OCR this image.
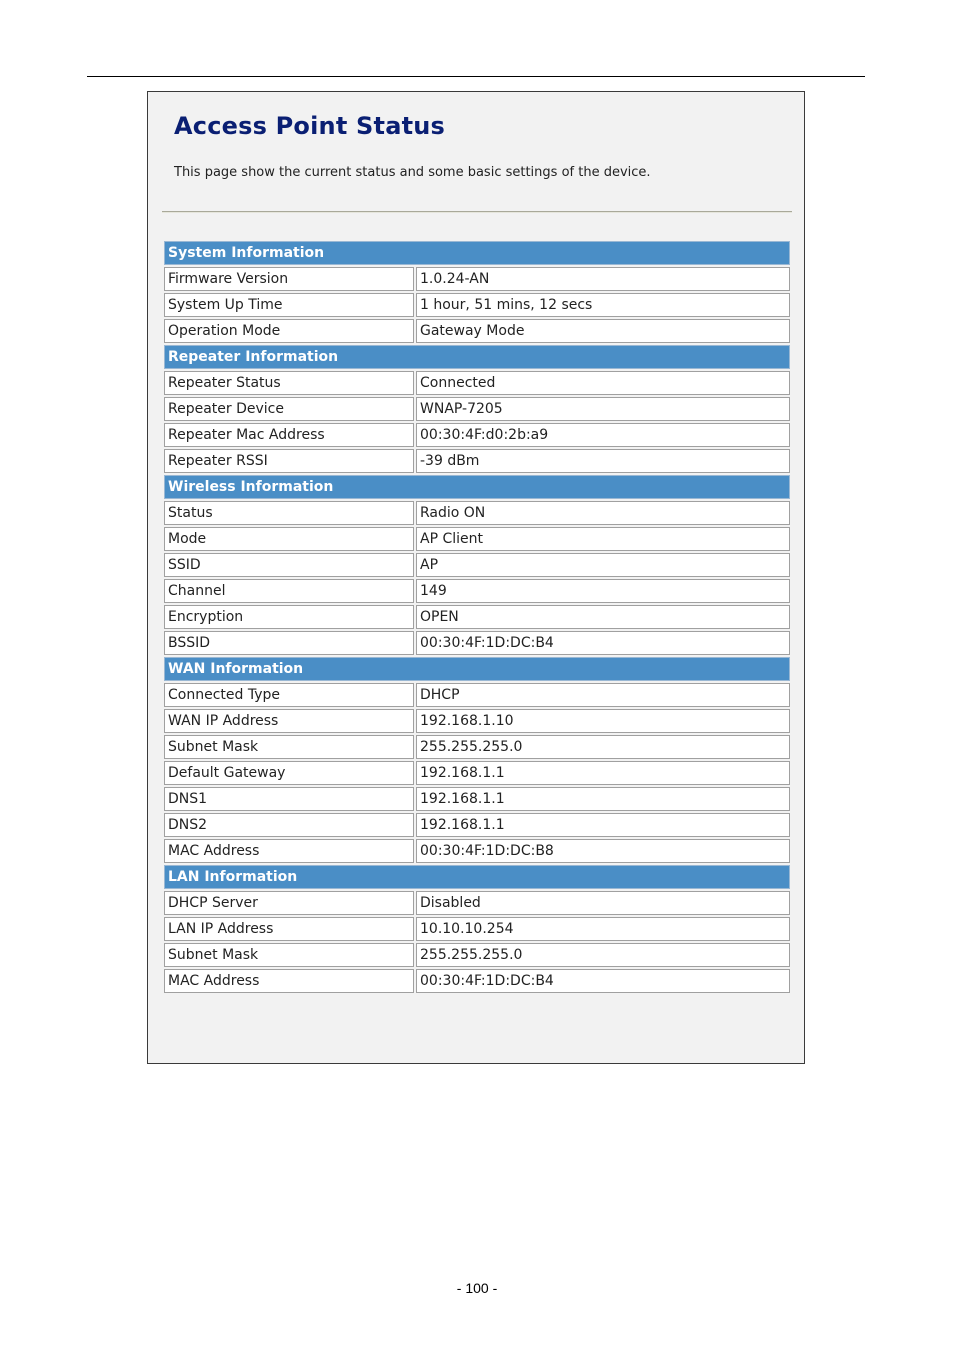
Access Point Status
This page show the current status and some basic settings of the device.
System Information	
Firmware Version	1.0.24-AN
System Up Time	1 hour, 51 mins, 12 secs
Operation Mode	Gateway Mode
Repeater Information	
Repeater Status	Connected
Repeater Device	WNAP-7205
Repeater Mac Address	00:30:4F:d0:2b:a9
Repeater RSSI	-39 dBm
Wireless Information	
Status	Radio ON
Mode	AP Client
SSID	AP
Channel	149
Encryption	OPEN
BSSID	00:30:4F:1D:DC:B4
WAN Information	
Connected Type	DHCP
WAN IP Address	192.168.1.10
Subnet Mask	255.255.255.0
Default Gateway	192.168.1.1
DNS1	192.168.1.1
DNS2	192.168.1.1
MAC Address	00:30:4F:1D:DC:B8
LAN Information	
DHCP Server	Disabled
LAN IP Address	10.10.10.254
Subnet Mask	255.255.255.0
MAC Address	00:30:4F:1D:DC:B4
- 100 -
